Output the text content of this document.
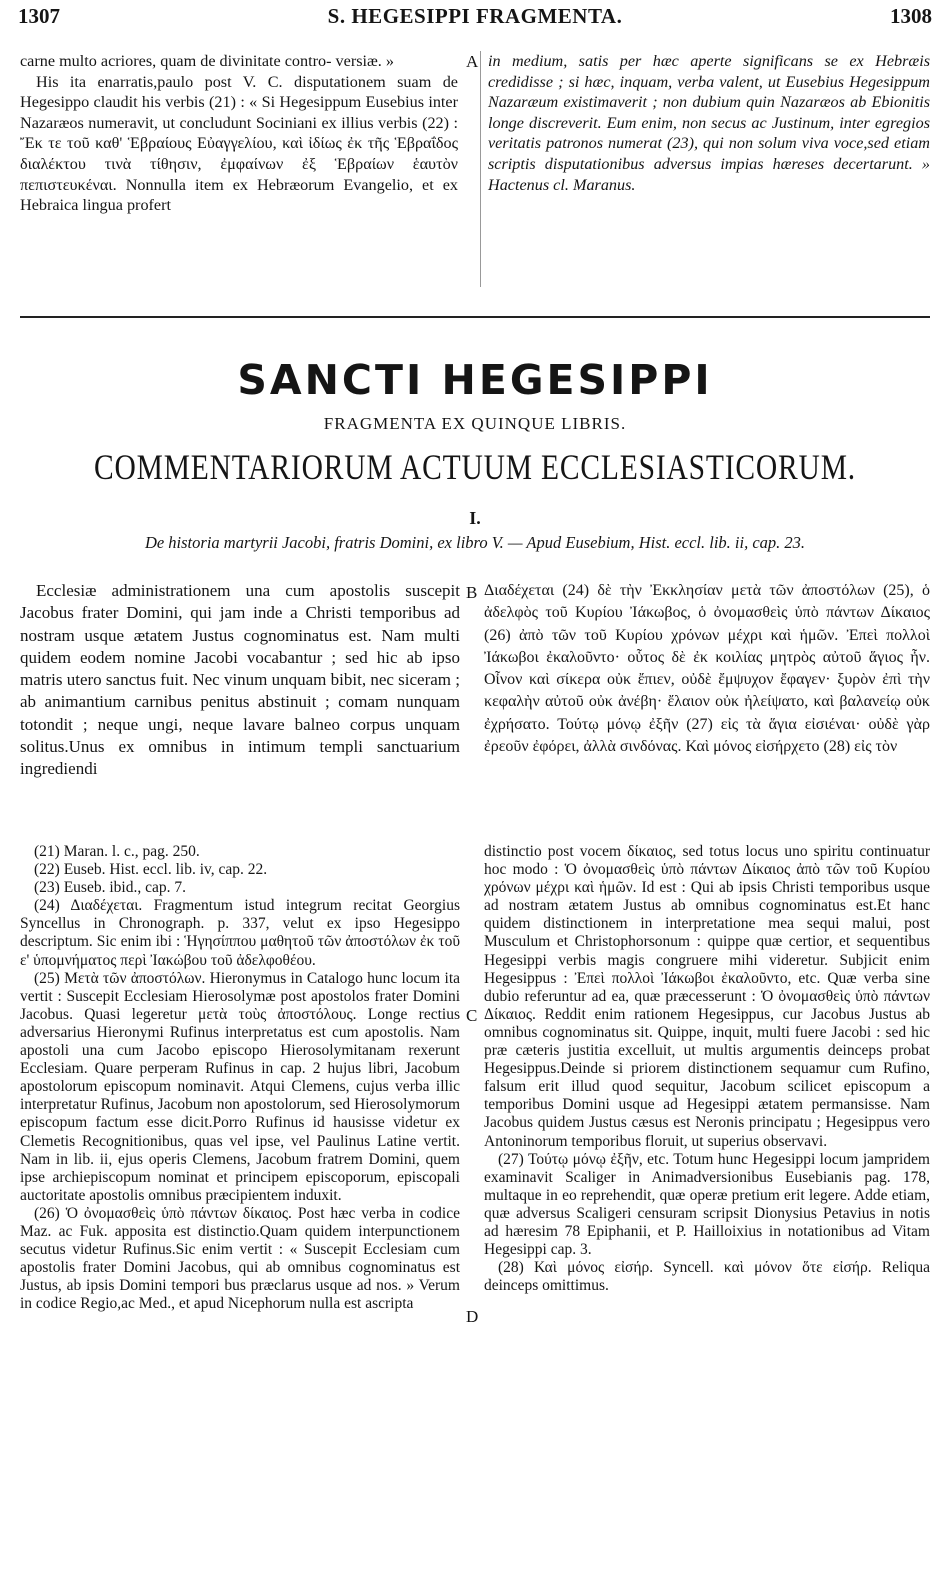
1307	S. HEGESIPPI FRAGMENTA.	1308

carne multo acriores, quam de divinitate contro- versiæ. »

His ita enarratis,paulo post V. C. disputationem suam de Hegesippo claudit his verbis (21) : « Si Hegesippum Eusebius inter Nazaræos numeravit, ut concludunt Sociniani ex illius verbis (22) : Ἔκ τε τοῦ καθ' Ἑβραίους Εὐαγγελίου, καὶ ἰδίως ἐκ τῆς Ἑβραΐδος διαλέκτου τινὰ τίθησιν, ἐμφαίνων ἐξ Ἑβραίων ἑαυτὸν πεπιστευκέναι. Nonnulla item ex Hebræorum Evangelio, et ex Hebraica lingua profert

A in medium, satis per hæc aperte significans se ex Hebræis credidisse ; si hæc, inquam, verba valent, ut Eusebius Hegesippum Nazaræum existimaverit ; non dubium quin Nazaræos ab Ebionitis longe discreverit. Eum enim, non secus ac Justinum, inter egregios veritatis patronos numerat (23), qui non solum viva voce,sed etiam scriptis disputationibus adversus impias hæreses decertarunt. » Hactenus cl. Maranus.

SANCTI HEGESIPPI
FRAGMENTA EX QUINQUE LIBRIS.
COMMENTARIORUM ACTUUM ECCLESIASTICORUM.
I.
De historia martyrii Jacobi, fratris Domini, ex libro V. — Apud Eusebium, Hist. eccl. lib. ii, cap. 23.

Ecclesiæ administrationem una cum apostolis suscepit Jacobus frater Domini, qui jam inde a Christi temporibus ad nostram usque ætatem Justus cognominatus est. Nam multi quidem eodem nomine Jacobi vocabantur ; sed hic ab ipso matris utero sanctus fuit. Nec vinum unquam bibit, nec siceram ; ab animantium carnibus penitus abstinuit ; comam nunquam totondit ; neque ungi, neque lavare balneo corpus unquam solitus.Unus ex omnibus in intimum templi sanctuarium ingrediendi

B Διαδέχεται (24) δὲ τὴν Ἐκκλησίαν μετὰ τῶν ἀποστόλων (25), ὁ ἀδελφὸς τοῦ Κυρίου Ἰάκωβος, ὁ ὀνομασθεὶς ὑπὸ πάντων Δίκαιος (26) ἀπὸ τῶν τοῦ Κυρίου χρόνων μέχρι καὶ ἡμῶν. Ἐπεὶ πολλοὶ Ἰάκωβοι ἐκαλοῦντο· οὗτος δὲ ἐκ κοιλίας μητρὸς αὐτοῦ ἅγιος ἦν. Οἶνον καὶ σίκερα οὐκ ἔπιεν, οὐδὲ ἔμψυχον ἔφαγεν· ξυρὸν ἐπὶ τὴν κεφαλὴν αὐτοῦ οὐκ ἀνέβη· ἔλαιον οὐκ ἠλείψατο, καὶ βαλανείῳ οὐκ ἐχρήσατο. Τούτῳ μόνῳ ἐξῆν (27) εἰς τὰ ἅγια εἰσιέναι· οὐδὲ γὰρ ἐρεοῦν ἐφόρει, ἀλλὰ σινδόνας. Καὶ μόνος εἰσήρχετο (28) εἰς τὸν

(21) Maran. l. c., pag. 250.

(22) Euseb. Hist. eccl. lib. iv, cap. 22.

(23) Euseb. ibid., cap. 7.

(24) Διαδέχεται. Fragmentum istud integrum recitat Georgius Syncellus in Chronograph. p. 337, velut ex ipso Hegesippo descriptum. Sic enim ibi : Ἡγησίππου μαθητοῦ τῶν ἀποστόλων ἐκ τοῦ ε' ὑπομνήματος περὶ Ἰακώβου τοῦ ἀδελφοθέου.

(25) Μετὰ τῶν ἀποστόλων. Hieronymus in Catalogo hunc locum ita vertit : Suscepit Ecclesiam Hierosolymæ post apostolos frater Domini Jacobus. Quasi legeretur μετὰ τοὺς ἀποστόλους. Longe rectius adversarius Hieronymi Rufinus interpretatus est cum apostolis. Nam apostoli una cum Jacobo episcopo Hierosolymitanam rexerunt Ecclesiam. Quare perperam Rufinus in cap. 2 hujus libri, Jacobum apostolorum episcopum nominavit. Atqui Clemens, cujus verba illic interpretatur Rufinus, Jacobum non apostolorum, sed Hierosolymorum episcopum factum esse dicit.Porro Rufinus id hausisse videtur ex Clemetis Recognitionibus, quas vel ipse, vel Paulinus Latine vertit. Nam in lib. ii, ejus operis Clemens, Jacobum fratrem Domini, quem ipse archiepiscopum nominat et principem episcoporum, episcopali auctoritate apostolis omnibus præcipientem induxit.

(26) Ὁ ὀνομασθεὶς ὑπὸ πάντων δίκαιος. Post hæc verba in codice Maz. ac Fuk. apposita est distinctio.Quam quidem interpunctionem secutus videtur Rufinus.Sic enim vertit : « Suscepit Ecclesiam cum apostolis frater Domini Jacobus, qui ab omnibus cognominatus est Justus, ab ipsis Domini tempori bus præclarus usque ad nos. » Verum in codice Regio,ac Med., et apud Nicephorum nulla est ascripta

C
D

distinctio post vocem δίκαιος, sed totus locus uno spiritu continuatur hoc modo : Ὁ ὀνομασθεὶς ὑπὸ πάντων Δίκαιος ἀπὸ τῶν τοῦ Κυρίου χρόνων μέχρι καὶ ἡμῶν. Id est : Qui ab ipsis Christi temporibus usque ad nostram ætatem Justus ab omnibus cognominatus est.Et hanc quidem distinctionem in interpretatione mea sequi malui, post Musculum et Christophorsonum : quippe quæ certior, et sequentibus Hegesippi verbis magis congruere mihi videretur. Subjicit enim Hegesippus : Ἐπεὶ πολλοὶ Ἰάκωβοι ἐκαλοῦντο, etc. Quæ verba sine dubio referuntur ad ea, quæ præcesserunt : Ὁ ὀνομασθεὶς ὑπὸ πάντων Δίκαιος. Reddit enim rationem Hegesippus, cur Jacobus Justus ab omnibus cognominatus sit. Quippe, inquit, multi fuere Jacobi : sed hic præ cæteris justitia excelluit, ut multis argumentis deinceps probat Hegesippus.Deinde si priorem distinctionem sequamur cum Rufino, falsum erit illud quod sequitur, Jacobum scilicet episcopum a temporibus Domini usque ad Hegesippi ætatem permansisse. Nam Jacobus quidem Justus cæsus est Neronis principatu ; Hegesippus vero Antoninorum temporibus floruit, ut superius observavi.

(27) Τούτῳ μόνῳ ἐξῆν, etc. Totum hunc Hegesippi locum jampridem examinavit Scaliger in Animadversionibus Eusebianis pag. 178, multaque in eo reprehendit, quæ operæ pretium erit legere. Adde etiam, quæ adversus Scaligeri censuram scripsit Dionysius Petavius in notis ad hæresim 78 Epiphanii, et P. Hailloixius in notationibus ad Vitam Hegesippi cap. 3.

(28) Καὶ μόνος εἰσήρ. Syncell. καὶ μόνον ὅτε εἰσήρ. Reliqua deinceps omittimus.
